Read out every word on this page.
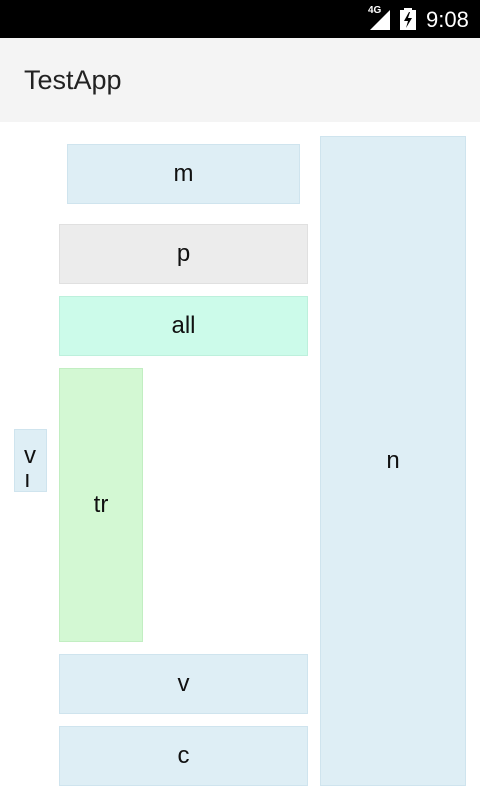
4G 9:08
TestApp
m
p
all
tr
v
c
n
v
ı
